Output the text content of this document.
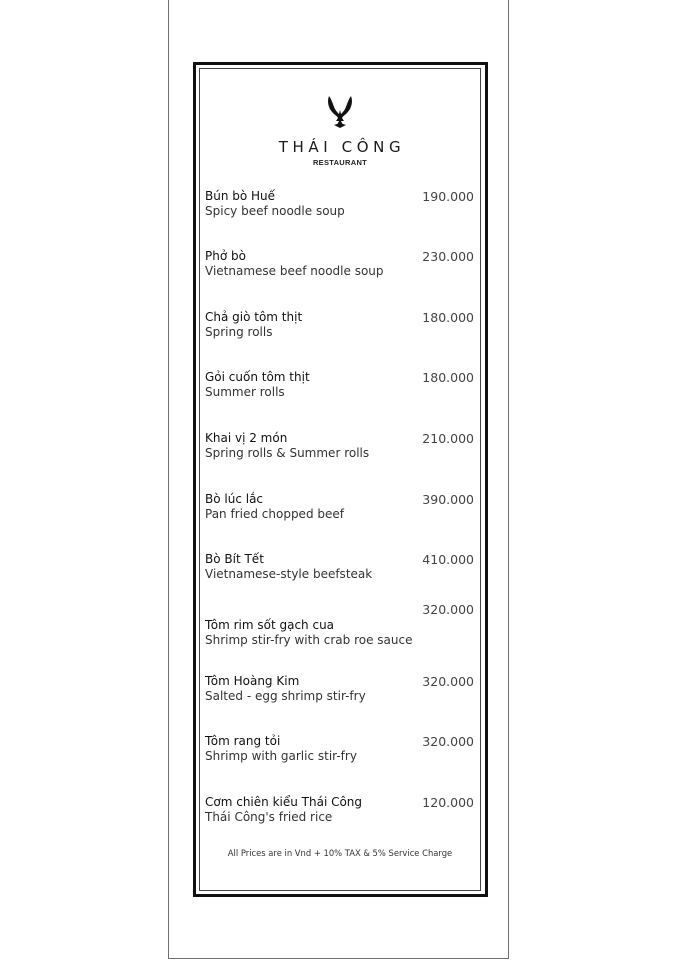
THÁI CÔNG
RESTAURANT
Bún bò Huế
Spicy beef noodle soup
190.000
Phở bò
Vietnamese beef noodle soup
230.000
Chả giò tôm thịt
Spring rolls
180.000
Gỏi cuốn tôm thịt
Summer rolls
180.000
Khai vị 2 món
Spring rolls & Summer rolls
210.000
Bò lúc lắc
Pan fried chopped beef
390.000
Bò Bít Tết
Vietnamese-style beefsteak
410.000
Tôm rim sốt gạch cua
Shrimp stir-fry with crab roe sauce
320.000
Tôm Hoàng Kim
Salted - egg shrimp stir-fry
320.000
Tôm rang tỏi
Shrimp with garlic stir-fry
320.000
Cơm chiên kiểu Thái Công
Thái Công's fried rice
120.000
All Prices are in Vnd + 10% TAX & 5% Service Charge
